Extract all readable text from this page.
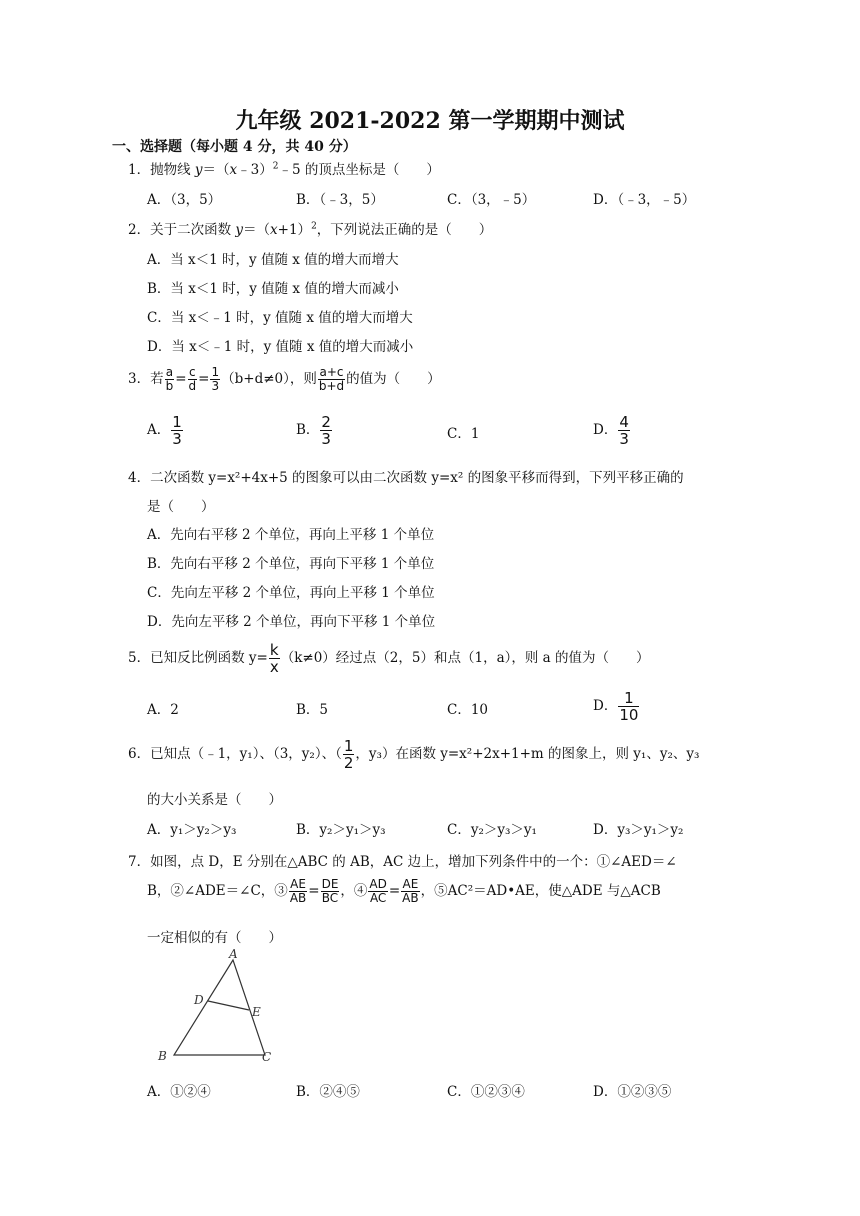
九年级 2021-2022 第一学期期中测试
一、选择题（每小题 4 分，共 40 分）
1．抛物线 y＝（x﹣3）$^2$﹣5 的顶点坐标是（　　）
A．（3，5）	B．（﹣3，5）	C．（3，﹣5）	D．（﹣3，﹣5）
2．关于二次函数 $y=(x+1)^2$，下列说法正确的是（　　）
A．当 x＜1 时，y 值随 x 值的增大而增大
B．当 x＜1 时，y 值随 x 值的增大而减小
C．当 x＜﹣1 时，y 值随 x 值的增大而增大
D．当 x＜﹣1 时，y 值随 x 值的增大而减小
3．若 $\frac{a}{b} = \frac{c}{d} = \frac{1}{3} (b+d\ne 0)$，则 $\frac{a+c}{b+d}$ 的值为（　　）
A． $\frac{1}{3}$	B． $\frac{2}{3}$	C．1	D． $\frac{4}{3}$
4．二次函数 y=x²+4x+5 的图象可以由二次函数 y=x² 的图象平移而得到，下列平移正确的
是（　　）
A．先向右平移 2 个单位，再向上平移 1 个单位
B．先向右平移 2 个单位，再向下平移 1 个单位
C．先向左平移 2 个单位，再向上平移 1 个单位
D．先向左平移 2 个单位，再向下平移 1 个单位
5．已知反比例函数 $y= \frac{k}{x} (k\ne 0)$经过点（2，5）和点（1，a），则 a 的值为（　　）
A．2	B．5	C．10	D． $\frac{1}{10}$
6．已知点（﹣1，y₁）、（3，y₂）、（ $\frac{1}{2}$ ，y₃）在函数 y=x²+2x+1+m 的图象上，则 y₁、y₂、y₃
的大小关系是（　　）
A．y₁＞y₂＞y₃	B．y₂＞y₁＞y₃	C．y₂＞y₃＞y₁	D．y₃＞y₁＞y₂
7．如图，点 D，E 分别在△ABC 的 AB，AC 边上，增加下列条件中的一个：①∠AED＝∠
B，②∠ADE＝∠C，③ $\frac{AE}{AB} = \frac{DE}{BC}$ ，④ $\frac{AD}{AC} = \frac{AE}{AB}$ ，⑤AC²＝AD•AE，使△ADE 与△ACB
一定相似的有（　　）
A
B	C
D
E
A．①②④	B．②④⑤	C．①②③④	D．①②③⑤
